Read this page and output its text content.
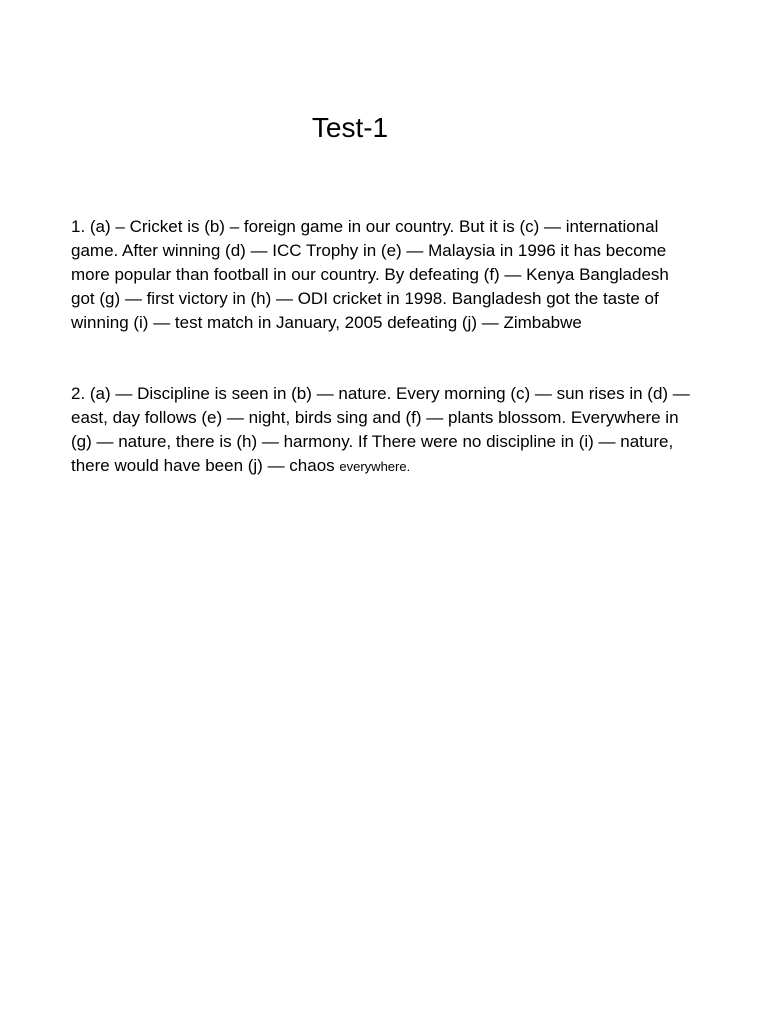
Test-1

1. (a) – Cricket is (b) – foreign game in our country. But it is (c) — international game. After winning (d) — ICC Trophy in (e) — Malaysia in 1996 it has become more popular than football in our country. By defeating (f) — Kenya Bangladesh got (g) — first victory in (h) — ODI cricket in 1998. Bangladesh got the taste of winning (i) — test match in January, 2005 defeating (j) — Zimbabwe

2. (a) — Discipline is seen in (b) — nature. Every morning (c) — sun rises in (d) — east, day follows (e) — night, birds sing and (f) — plants blossom. Everywhere in (g) — nature, there is (h) — harmony. If There were no discipline in (i) — nature, there would have been (j) — chaos everywhere.
